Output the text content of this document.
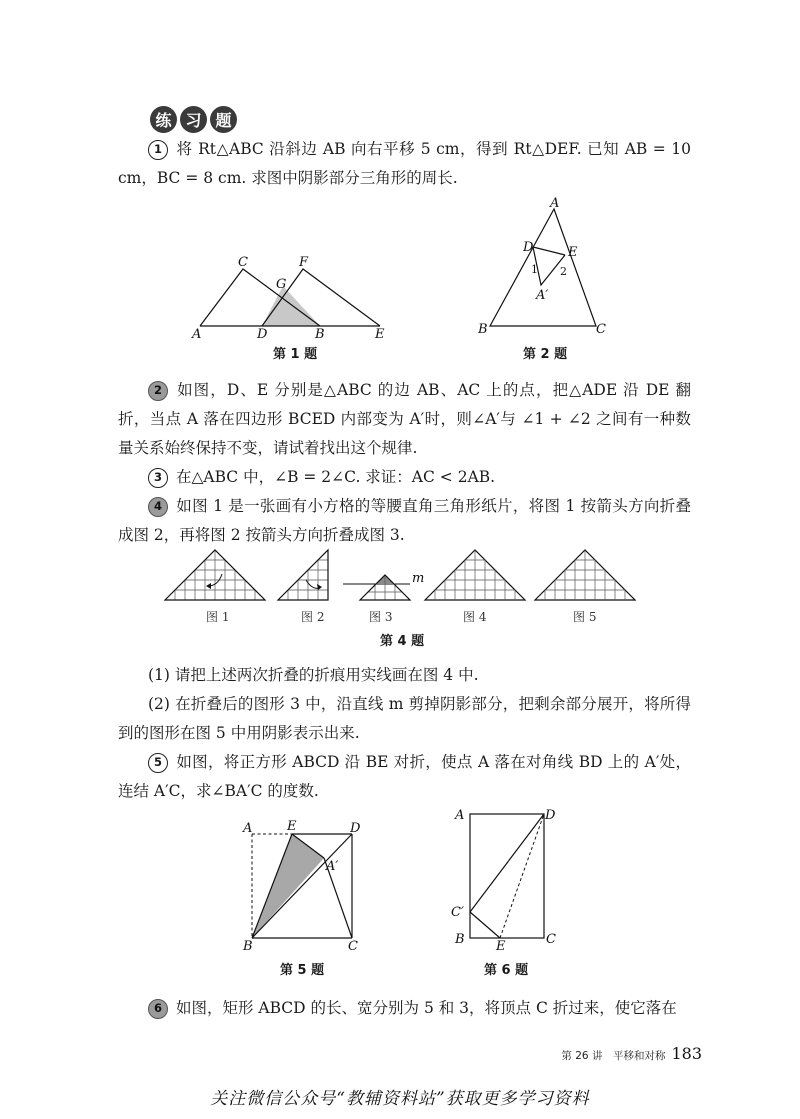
练 习 题
1 将 Rt△ABC 沿斜边 AB 向右平移 5 cm，得到 Rt△DEF. 已知 AB = 10 cm，BC = 8 cm. 求图中阴影部分三角形的周长.
A	D	B	E
C	F
G
第 1 题
A
D	E
A′
1 2
B	C
第 2 题
2 如图，D、E 分别是△ABC 的边 AB、AC 上的点，把△ADE 沿 DE 翻折，当点 A 落在四边形 BCED 内部变为 A′时，则∠A′与 ∠1 + ∠2 之间有一种数量关系始终保持不变，请试着找出这个规律.
3 在△ABC 中，∠B = 2∠C. 求证：AC < 2AB.
4 如图 1 是一张画有小方格的等腰直角三角形纸片，将图 1 按箭头方向折叠成图 2，再将图 2 按箭头方向折叠成图 3.
m
图 1	图 2	图 3	图 4	图 5
第 4 题
(1) 请把上述两次折叠的折痕用实线画在图 4 中.
(2) 在折叠后的图形 3 中，沿直线 m 剪掉阴影部分，把剩余部分展开，将所得到的图形在图 5 中用阴影表示出来.
5 如图，将正方形 ABCD 沿 BE 对折，使点 A 落在对角线 BD 上的 A′处，连结 A′C，求∠BA′C 的度数.
A	E	D
A′
B	C
第 5 题
A	D
C′
B E	C
第 6 题
6 如图，矩形 ABCD 的长、宽分别为 5 和 3，将顶点 C 折过来，使它落在
第 26 讲　平移和对称 183
关注微信公众号“教辅资料站”获取更多学习资料
